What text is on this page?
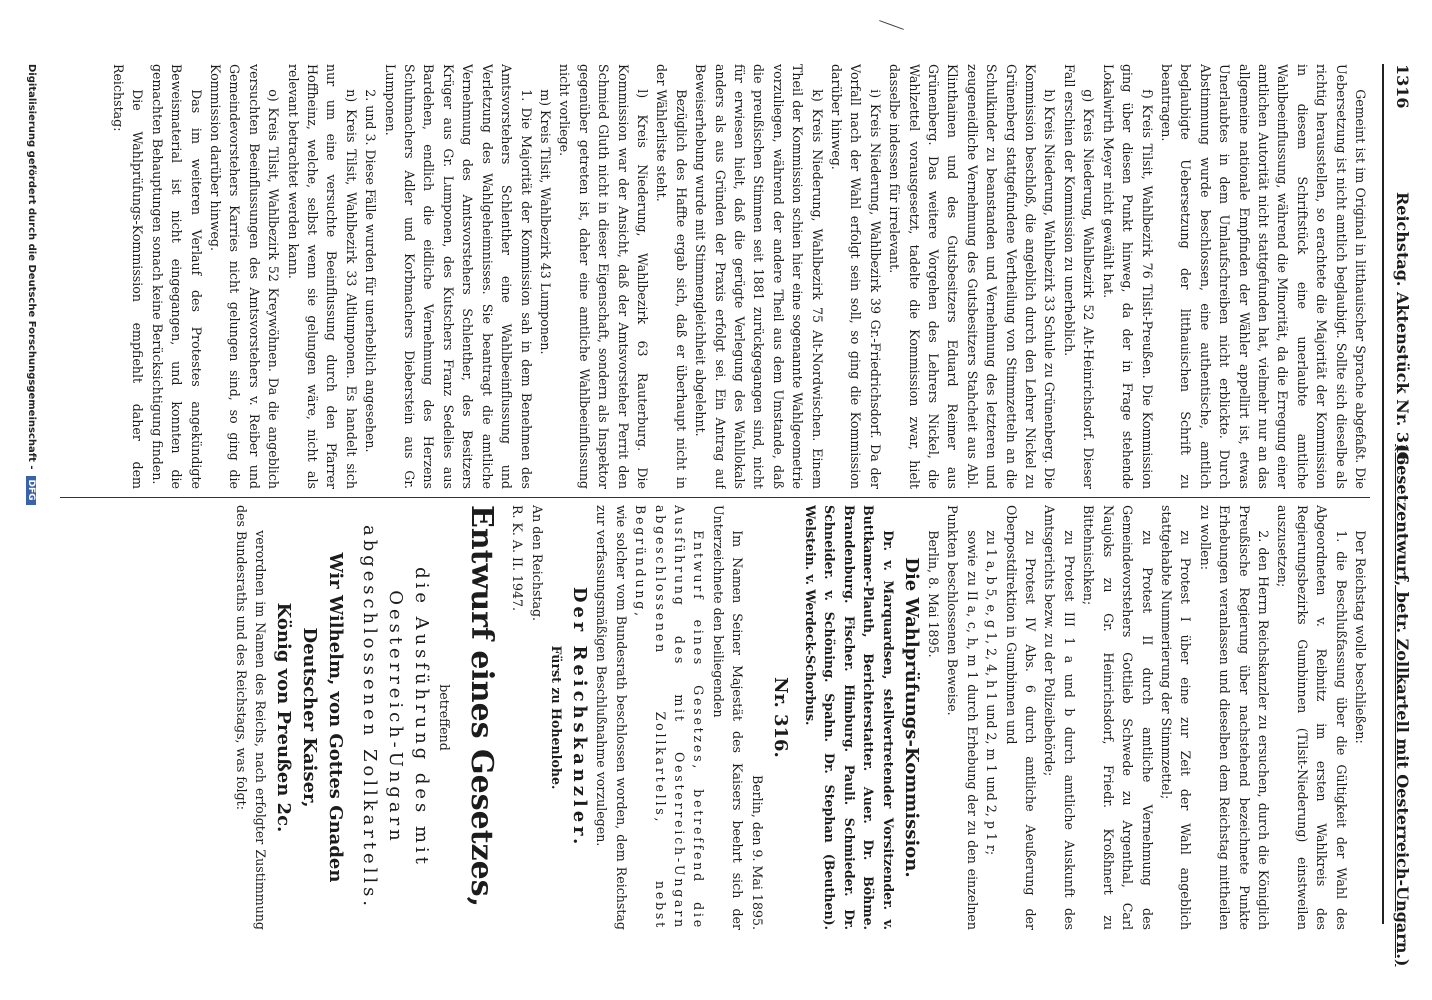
1316
Reichstag. Aktenstück Nr. 316.
(Gesetzentwurf, betr. Zollkartell mit Oesterreich-Ungarn.)

Gemeint ist im Original in litthauischer Sprache abgefaßt. Die Uebersetzung ist nicht amtlich beglaubigt. Sollte sich dieselbe als richtig herausstellen, so erachtete die Majorität der Kommission in diesem Schriftstück eine unerlaubte amtliche Wahlbeeinflussung, während die Minorität, da die Erregung einer amtlichen Autorität nicht stattgefunden hat, vielmehr nur an das allgemeine nationale Empfinden der Wähler appellirt ist, etwas Unerlaubtes in dem Umlaufschreiben nicht erblickte. Durch Abstimmung wurde beschlossen, eine authentische, amtlich beglaubigte Uebersetzung der litthauischen Schrift zu beantragen.

f) Kreis Tilsit, Wahlbezirk 76 Tilsit-Preußen. Die Kommission ging über diesen Punkt hinweg, da der in Frage stehende Lokalwirth Meyer nicht gewählt hat.

g) Kreis Niederung, Wahlbezirk 52 Alt-Heinrichsdorf. Dieser Fall erschien der Kommission zu unerheblich.

h) Kreis Niederung, Wahlbezirk 33 Schule zu Grünenberg. Die Kommission beschloß, die angeblich durch den Lehrer Nickel zu Grünenberg stattgefundene Vertheilung von Stimmzetteln an die Schulkinder zu beanstanden und Vernehmung des letzteren und zeugeneidliche Vernehmung des Gutsbesitzers Stahcheit aus Abl. Klinthainen und des Gutsbesitzers Eduard Reimer aus Grünenberg. Das weitere Vorgehen des Lehrers Nickel, die Wahlzettel vorausgesetzt, tadelte die Kommission zwar, hielt dasselbe indessen für irrelevant.

i) Kreis Niederung, Wahlbezirk 39 Gr.-Friedrichsdorf. Da der Vorfall nach der Wahl erfolgt sein soll, so ging die Kommission darüber hinweg.

k) Kreis Niederung, Wahlbezirk 75 Alt-Nordwischen. Einem Theil der Kommission schien hier eine sogenannte Wahlgeometrie vorzuliegen, während der andere Theil aus dem Umstande, daß die preußischen Stimmen seit 1881 zurückgegangen sind, nicht für erwiesen hielt, daß die gerügte Verlegung des Wahllokals anders als aus Gründen der Praxis erfolgt sei. Ein Antrag auf Beweiserhebung wurde mit Stimmengleichheit abgelehnt.

Bezüglich des Haffte ergab sich, daß er überhaupt nicht in der Wählerliste steht.

l) Kreis Niederung, Wahlbezirk 63 Rauterburg. Die Kommission war der Ansicht, daß der Amtsvorsteher Perrit den Schmied Gluth nicht in dieser Eigenschaft, sondern als Inspektor gegenüber getreten ist, daher eine amtliche Wahlbeeinflussung nicht vorliege.

m) Kreis Tilsit, Wahlbezirk 43 Lumponen.

1. Die Majorität der Kommission sah in dem Benehmen des Amtsvorstehers Schlenther eine Wahlbeeinflussung und Verletzung des Wahlgeheimnisses. Sie beantragt die amtliche Vernehmung des Amtsvorstehers Schlenther, des Besitzers Krüger aus Gr. Lumponen, des Kutschers Franz Sedelies aus Bardehen, endlich die eidliche Vernehmung des Herzens Schuhmachers Adler und Korbmachers Dieberstein aus Gr. Lumponen.

2. und 3. Diese Fälle wurden für unerheblich angesehen.

n) Kreis Tilsit, Wahlbezirk 33 Altlumponen. Es handelt sich nur um eine versuchte Beeinflussung durch den Pfarrer Hoffheinz, welche, selbst wenn sie gelungen wäre, nicht als relevant betrachtet werden kann.

o) Kreis Tilsit, Wahlbezirk 52 Kreywöhnen. Da die angeblich versuchten Beeinflussungen des Amtsvorstehers v. Reiber und Gemeindevorstehers Karries nicht gelungen sind, so ging die Kommission darüber hinweg.

Das im weiteren Verlauf des Protestes angekündigte Beweismaterial ist nicht eingegangen, und konnten die gemachten Behauptungen sonach keine Berücksichtigung finden.

Die Wahlprüfungs-Kommission empfiehlt daher dem Reichstag:

Der Reichstag wolle beschließen:

1. die Beschlußfassung über die Gültigkeit der Wahl des Abgeordneten v. Reibnitz im ersten Wahlkreis des Regierungsbezirks Gumbinnen (Tilsit-Niederung) einstweilen auszusetzen;

2. den Herrn Reichskanzler zu ersuchen, durch die Königlich Preußische Regierung über nachstehend bezeichnete Punkte Erhebungen veranlassen und dieselben dem Reichstag mittheilen zu wollen:

zu Protest I über eine zur Zeit der Wahl angeblich stattgehabte Nummerierung der Stimmzettel;

zu Protest II durch amtliche Vernehmung des Gemeindevorstehers Gottlieb Schwede zu Argenthal, Carl Naujoks zu Gr. Heinrichsdorf, Friedr. Kroßhnert zu Bittehnischken;

zu Protest III 1 a und b durch amtliche Auskunft des Amtsgerichts bezw. zu der Polizeibehörde;

zu Protest IV Abs. 6 durch amtliche Aeußerung der Oberpostdirektion in Gumbinnen und

zu 1 a, b 5, e, g 1, 2, 4, h 1 und 2, m 1 und 2, p 1 r;

sowie zu II a, c, h, m 1 durch Erhebung der zu den einzelnen Punkten beschlossenen Beweise.

Berlin, 8. Mai 1895.

Die Wahlprüfungs-Kommission.

Dr. v. Marquardsen, stellvertretender Vorsitzender. v. Buttkamer-Plauth, Berichterstatter. Auer. Dr. Böhme. Brandenburg. Fischer. Himburg. Pauli. Schmieder. Dr. Schneider. v. Schöning. Spahn. Dr. Stephan (Beuthen). Welstein. v. Werdeck-Schorbus.

Nr. 316.

Berlin, den 9. Mai 1895.

Im Namen Seiner Majestät des Kaisers beehrt sich der Unterzeichnete den beiliegenden

Entwurf eines Gesetzes, betreffend die Ausführung des mit Oesterreich-Ungarn abgeschlossenen Zollkartells, nebst Begründung,

wie solcher vom Bundesrath beschlossen worden, dem Reichstag zur verfassungsmäßigen Beschlußnahme vorzulegen.

Der Reichskanzler.

Fürst zu Hohenlohe.

An den Reichstag.

R. K. A. II. 1947.

Entwurf eines Gesetzes,

betreffend

die Ausführung des mit Oesterreich-Ungarn abgeschlossenen Zollkartells.

Wir Wilhelm, von Gottes Gnaden Deutscher Kaiser,

König von Preußen 2c.

verordnen im Namen des Reichs, nach erfolgter Zustimmung des Bundesraths und des Reichstags, was folgt:

Digitalisierung gefördert durch die Deutsche Forschungsgemeinschaft -DFG
